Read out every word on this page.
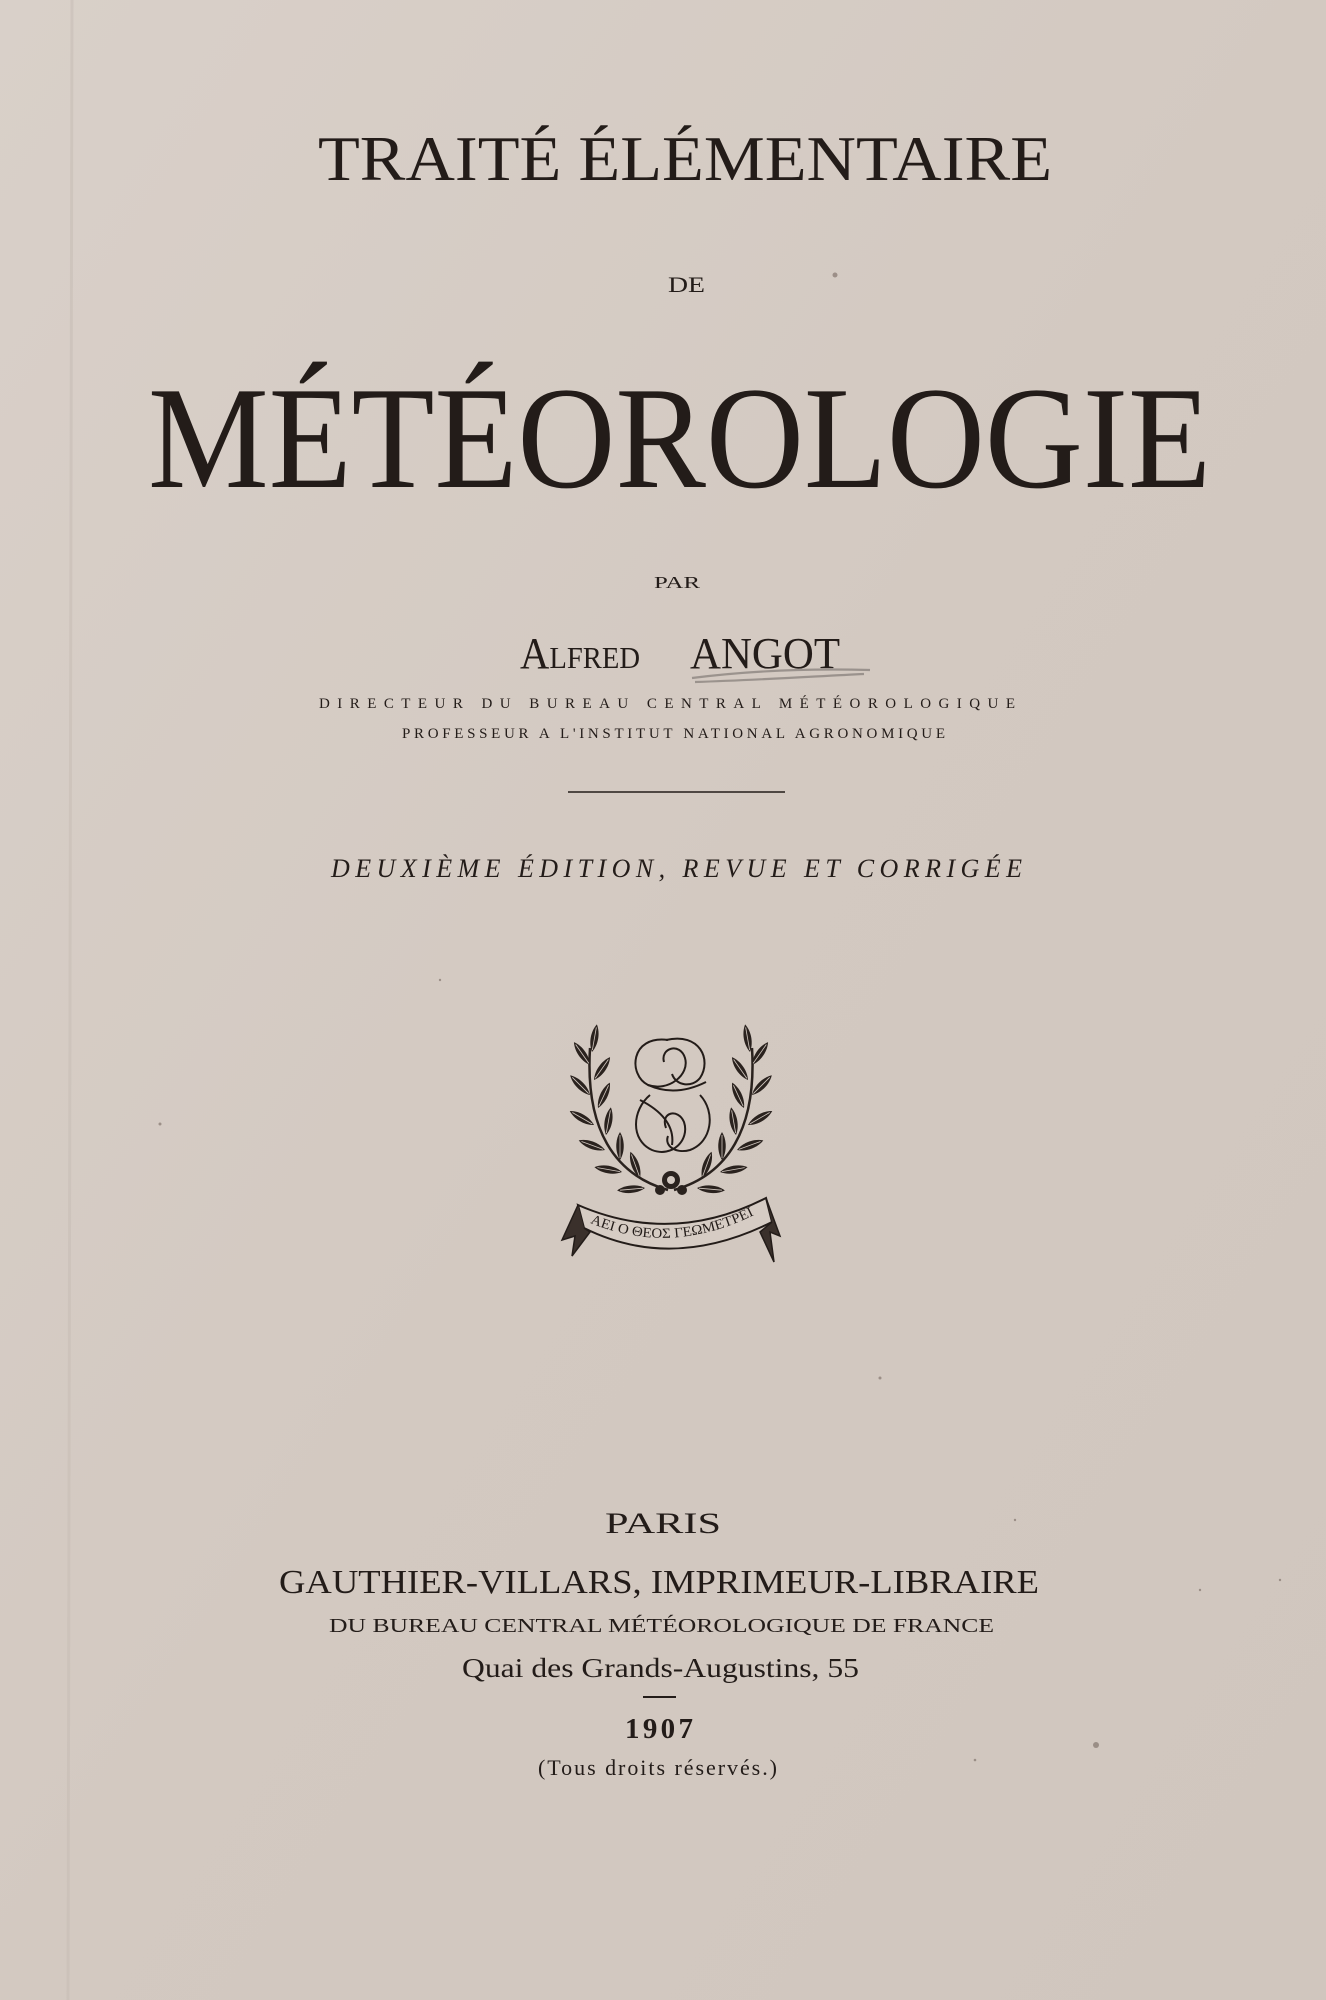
TRAITÉ ÉLÉMENTAIRE
DE
MÉTÉOROLOGIE
PAR
Alfred ANGOT
DIRECTEUR DU BUREAU CENTRAL MÉTÉOROLOGIQUE
PROFESSEUR A L'INSTITUT NATIONAL AGRONOMIQUE
DEUXIÈME ÉDITION, REVUE ET CORRIGÉE
ΑΕΙ Ο ΘΕΟΣ ΓΕΩΜΕΤΡΕΙ
PARIS
GAUTHIER-VILLARS, IMPRIMEUR-LIBRAIRE
DU BUREAU CENTRAL MÉTÉOROLOGIQUE DE FRANCE
Quai des Grands-Augustins, 55
1907
(Tous droits réservés.)
